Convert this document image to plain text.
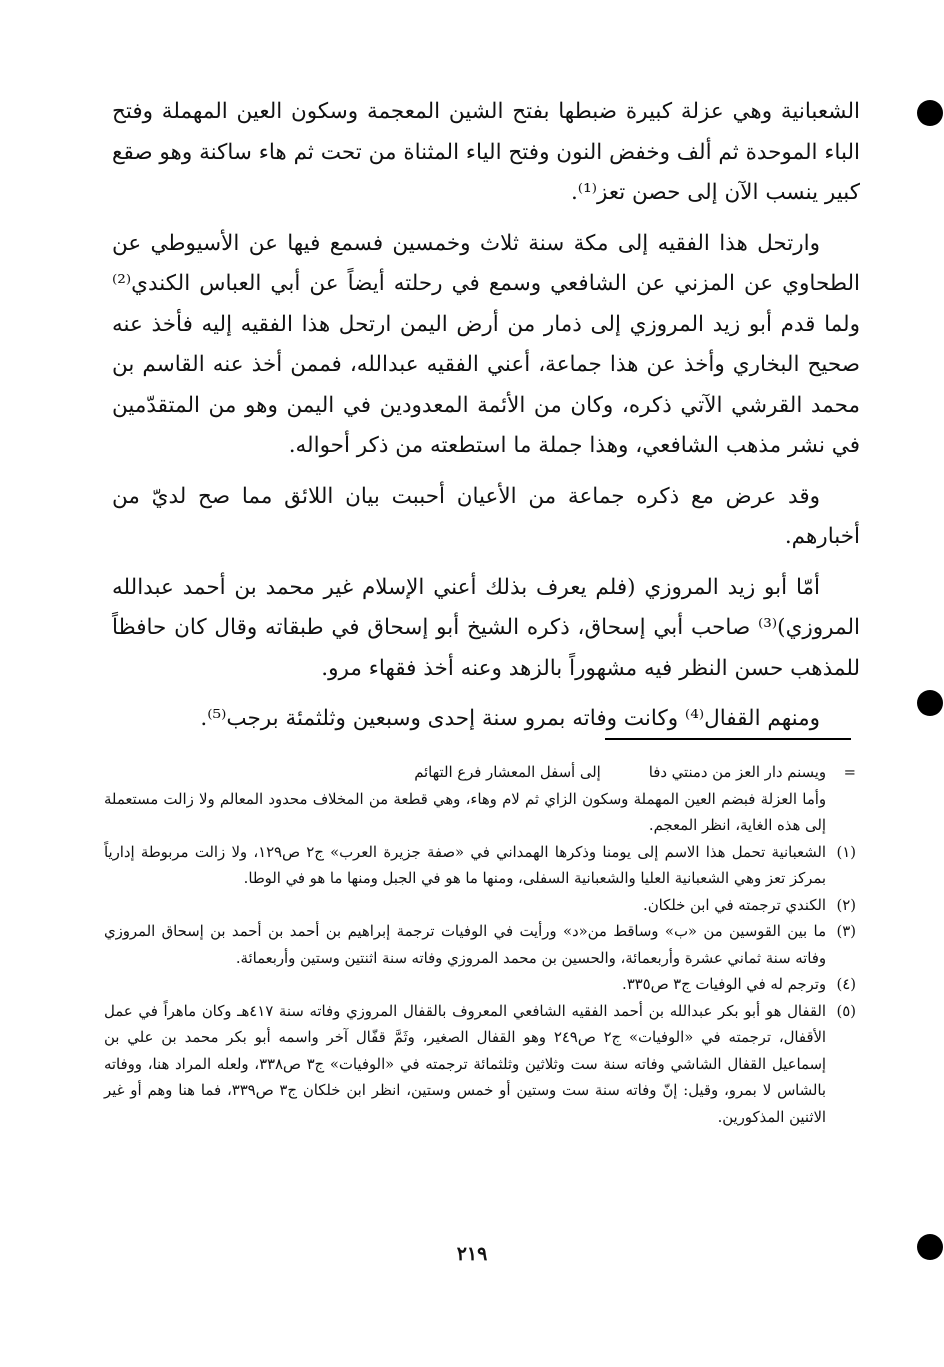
الشعبانية وهي عزلة كبيرة ضبطها بفتح الشين المعجمة وسكون العين المهملة وفتح الباء الموحدة ثم ألف وخفض النون وفتح الياء المثناة من تحت ثم هاء ساكنة وهو صقع كبير ينسب الآن إلى حصن تعز⁽¹⁾.

وارتحل هذا الفقيه إلى مكة سنة ثلاث وخمسين فسمع فيها عن الأسيوطي عن الطحاوي عن المزني عن الشافعي وسمع في رحلته أيضاً عن أبي العباس الكندي⁽²⁾ ولما قدم أبو زيد المروزي إلى ذمار من أرض اليمن ارتحل هذا الفقيه إليه فأخذ عنه صحيح البخاري وأخذ عن هذا جماعة، أعني الفقيه عبدالله، فممن أخذ عنه القاسم بن محمد القرشي الآتي ذكره، وكان من الأئمة المعدودين في اليمن وهو من المتقدّمين في نشر مذهب الشافعي، وهذا جملة ما استطعته من ذكر أحواله.

وقد عرض مع ذكره جماعة من الأعيان أحببت بيان اللائق مما صح لديّ من أخبارهم.

أمّا أبو زيد المروزي (فلم يعرف بذلك أعني الإسلام غير محمد بن أحمد عبدالله المروزي)⁽³⁾ صاحب أبي إسحاق، ذكره الشيخ أبو إسحاق في طبقاته وقال كان حافظاً للمذهب حسن النظر فيه مشهوراً بالزهد وعنه أخذ فقهاء مرو.

ومنهم القفال⁽⁴⁾ وكانت وفاته بمرو سنة إحدى وسبعين وثلثمئة برجب⁽⁵⁾.

=
ويسنم دار العز من دمنتي دفا
إلى أسفل المعشار فرع التهائم
وأما العزلة فبضم العين المهملة وسكون الزاي ثم لام وهاء، وهي قطعة من المخلاف محدود المعالم ولا زالت مستعملة إلى هذه الغاية، انظر المعجم.
(١)
الشعبانية تحمل هذا الاسم إلى يومنا وذكرها الهمداني في «صفة جزيرة العرب» ج٢ ص١٢٩، ولا زالت مربوطة إدارياً بمركز تعز وهي الشعبانية العليا والشعبانية السفلى، ومنها ما هو في الجبل ومنها ما هو في الوطا.
(٢)
الكندي ترجمته في ابن خلكان.
(٣)
ما بين القوسين من «ب» وساقط من«د» ورأيت في الوفيات ترجمة إبراهيم بن أحمد بن أحمد بن إسحاق المروزي وفاته سنة ثماني عشرة وأربعمائة، والحسين بن محمد المروزي وفاته سنة اثنتين وستين وأربعمائة.
(٤)
وترجم له في الوفيات ج٣ ص٣٣٥.
(٥)
القفال هو أبو بكر عبدالله بن أحمد الفقيه الشافعي المعروف بالقفال المروزي وفاته سنة ٤١٧هـ وكان ماهراً في عمل الأقفال، ترجمته في «الوفيات» ج٢ ص٢٤٩ وهو القفال الصغير، وثَمَّ قفّال آخر واسمه أبو بكر محمد بن علي بن إسماعيل القفال الشاشي وفاته سنة ست وثلاثين وثلثمائة ترجمته في «الوفيات» ج٣ ص٣٣٨، ولعله المراد هنا، ووفاته بالشاس لا بمرو، وقيل: إنّ وفاته سنة ست وستين أو خمس وستين، انظر ابن خلكان ج٣ ص٣٣٩، فما هنا وهم أو غير الاثنين المذكورين.
٢١٩
